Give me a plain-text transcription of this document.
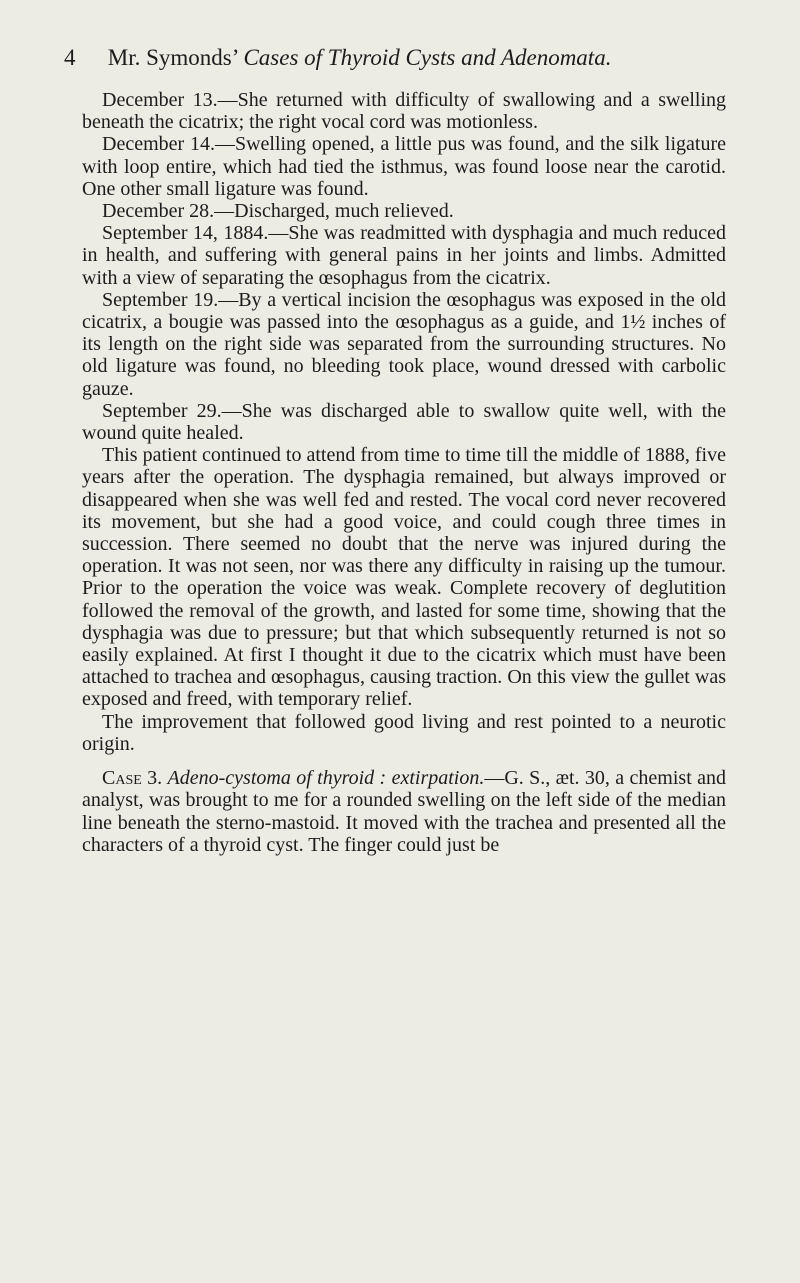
4 Mr. Symonds’ Cases of Thyroid Cysts and Adenomata.

December 13.—She returned with difficulty of swallowing and a swelling beneath the cicatrix; the right vocal cord was motionless.

December 14.—Swelling opened, a little pus was found, and the silk ligature with loop entire, which had tied the isthmus, was found loose near the carotid. One other small ligature was found.

December 28.—Discharged, much relieved.

September 14, 1884.—She was readmitted with dysphagia and much reduced in health, and suffering with general pains in her joints and limbs. Admitted with a view of separating the œsophagus from the cicatrix.

September 19.—By a vertical incision the œsophagus was exposed in the old cicatrix, a bougie was passed into the œsophagus as a guide, and 1½ inches of its length on the right side was separated from the surrounding structures. No old ligature was found, no bleeding took place, wound dressed with carbolic gauze.

September 29.—She was discharged able to swallow quite well, with the wound quite healed.

This patient continued to attend from time to time till the middle of 1888, five years after the operation. The dysphagia remained, but always improved or disappeared when she was well fed and rested. The vocal cord never recovered its movement, but she had a good voice, and could cough three times in succession. There seemed no doubt that the nerve was injured during the operation. It was not seen, nor was there any difficulty in raising up the tumour. Prior to the operation the voice was weak. Complete recovery of deglutition followed the removal of the growth, and lasted for some time, showing that the dysphagia was due to pressure; but that which subsequently returned is not so easily explained. At first I thought it due to the cicatrix which must have been attached to trachea and œsophagus, causing traction. On this view the gullet was exposed and freed, with temporary relief.

The improvement that followed good living and rest pointed to a neurotic origin.

Case 3. Adeno-cystoma of thyroid : extirpation.—G. S., æt. 30, a chemist and analyst, was brought to me for a rounded swelling on the left side of the median line beneath the sterno-mastoid. It moved with the trachea and presented all the characters of a thyroid cyst. The finger could just be
